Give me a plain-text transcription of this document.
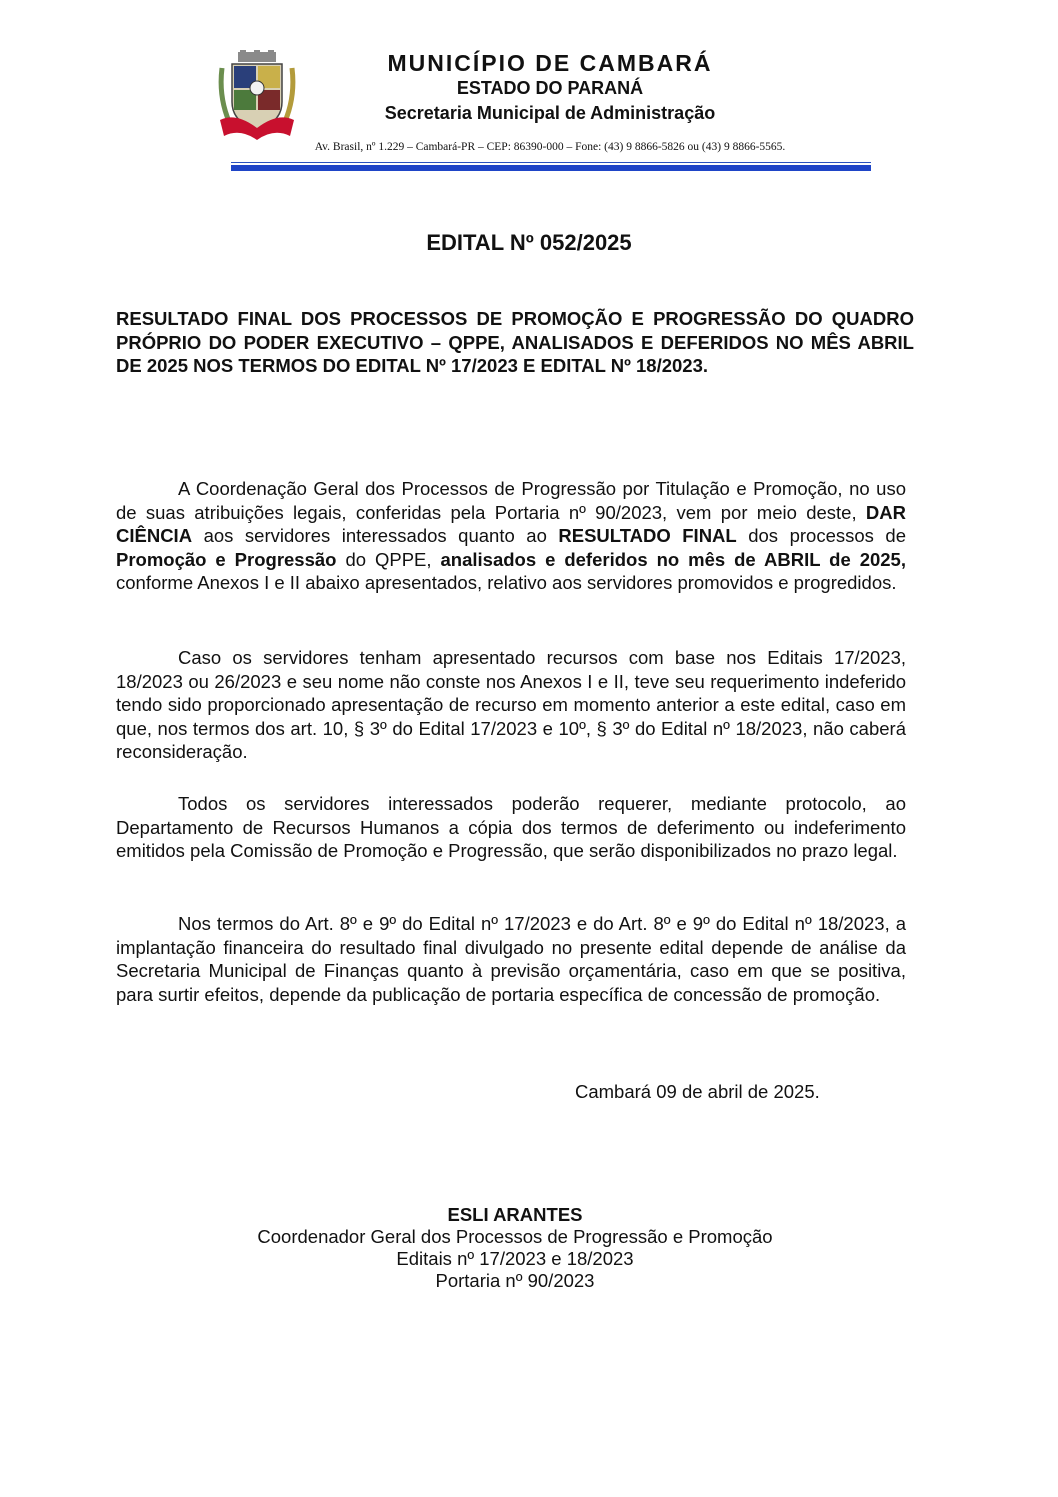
MUNICÍPIO DE CAMBARÁ
ESTADO DO PARANÁ
Secretaria Municipal de Administração
Av. Brasil, nº 1.229 – Cambará-PR – CEP: 86390-000 – Fone: (43) 9 8866-5826 ou (43) 9 8866-5565.
EDITAL Nº 052/2025
RESULTADO FINAL DOS PROCESSOS DE PROMOÇÃO E PROGRESSÃO DO QUADRO PRÓPRIO DO PODER EXECUTIVO – QPPE, ANALISADOS E DEFERIDOS NO MÊS ABRIL DE 2025 NOS TERMOS DO EDITAL Nº 17/2023 E EDITAL Nº 18/2023.

A Coordenação Geral dos Processos de Progressão por Titulação e Promoção, no uso de suas atribuições legais, conferidas pela Portaria nº 90/2023, vem por meio deste, DAR CIÊNCIA aos servidores interessados quanto ao RESULTADO FINAL dos processos de Promoção e Progressão do QPPE, analisados e deferidos no mês de ABRIL de 2025, conforme Anexos I e II abaixo apresentados, relativo aos servidores promovidos e progredidos.

Caso os servidores tenham apresentado recursos com base nos Editais 17/2023, 18/2023 ou 26/2023 e seu nome não conste nos Anexos I e II, teve seu requerimento indeferido tendo sido proporcionado apresentação de recurso em momento anterior a este edital, caso em que, nos termos dos art. 10, § 3º do Edital 17/2023 e 10º, § 3º do Edital nº 18/2023, não caberá reconsideração.

Todos os servidores interessados poderão requerer, mediante protocolo, ao Departamento de Recursos Humanos a cópia dos termos de deferimento ou indeferimento emitidos pela Comissão de Promoção e Progressão, que serão disponibilizados no prazo legal.

Nos termos do Art. 8º e 9º do Edital nº 17/2023 e do Art. 8º e 9º do Edital nº 18/2023, a implantação financeira do resultado final divulgado no presente edital depende de análise da Secretaria Municipal de Finanças quanto à previsão orçamentária, caso em que se positiva, para surtir efeitos, depende da publicação de portaria específica de concessão de promoção.

Cambará 09 de abril de 2025.
ESLI ARANTES
Coordenador Geral dos Processos de Progressão e Promoção
Editais nº 17/2023 e 18/2023
Portaria nº 90/2023
